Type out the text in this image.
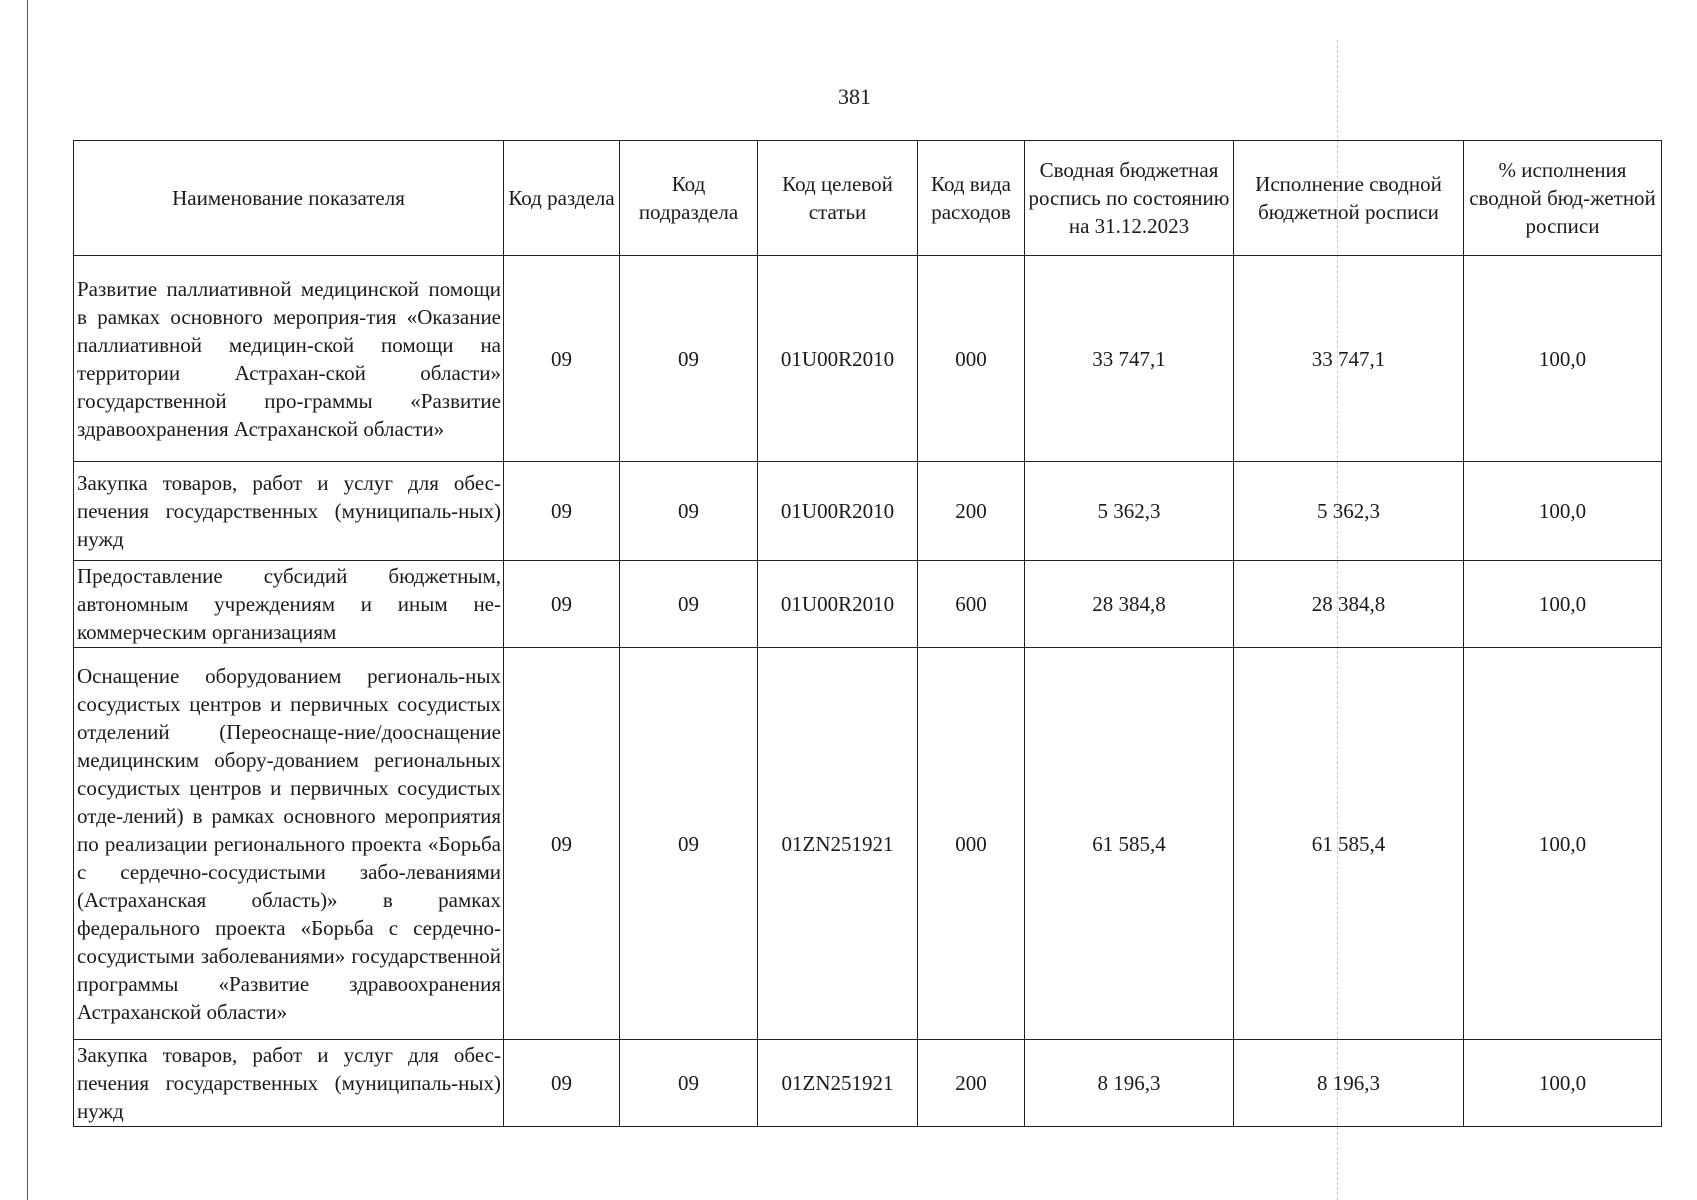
381
Наименование показателя	Код раздела	Код подраздела	Код целевой статьи	Код вида расходов	Сводная бюджетная роспись по состоянию на 31.12.2023	Исполнение сводной бюджетной росписи	% исполнения сводной бюд-жетной росписи
Развитие паллиативной медицинской помощи в рамках основного мероприя-тия «Оказание паллиативной медицин-ской помощи на территории Астрахан-ской области» государственной про-граммы «Развитие здравоохранения Астраханской области»	09	09	01U00R2010	000	33 747,1	33 747,1	100,0
Закупка товаров, работ и услуг для обес-печения государственных (муниципаль-ных) нужд	09	09	01U00R2010	200	5 362,3	5 362,3	100,0
Предоставление субсидий бюджетным, автономным учреждениям и иным не-коммерческим организациям	09	09	01U00R2010	600	28 384,8	28 384,8	100,0
Оснащение оборудованием региональ-ных сосудистых центров и первичных сосудистых отделений (Переоснаще-ние/дооснащение медицинским обору-дованием региональных сосудистых центров и первичных сосудистых отде-лений) в рамках основного мероприятия по реализации регионального проекта «Борьба с сердечно-сосудистыми забо-леваниями (Астраханская область)» в рамках федерального проекта «Борьба с сердечно-сосудистыми заболеваниями» государственной программы «Развитие здравоохранения Астраханской области»	09	09	01ZN251921	000	61 585,4	61 585,4	100,0
Закупка товаров, работ и услуг для обес-печения государственных (муниципаль-ных) нужд	09	09	01ZN251921	200	8 196,3	8 196,3	100,0
